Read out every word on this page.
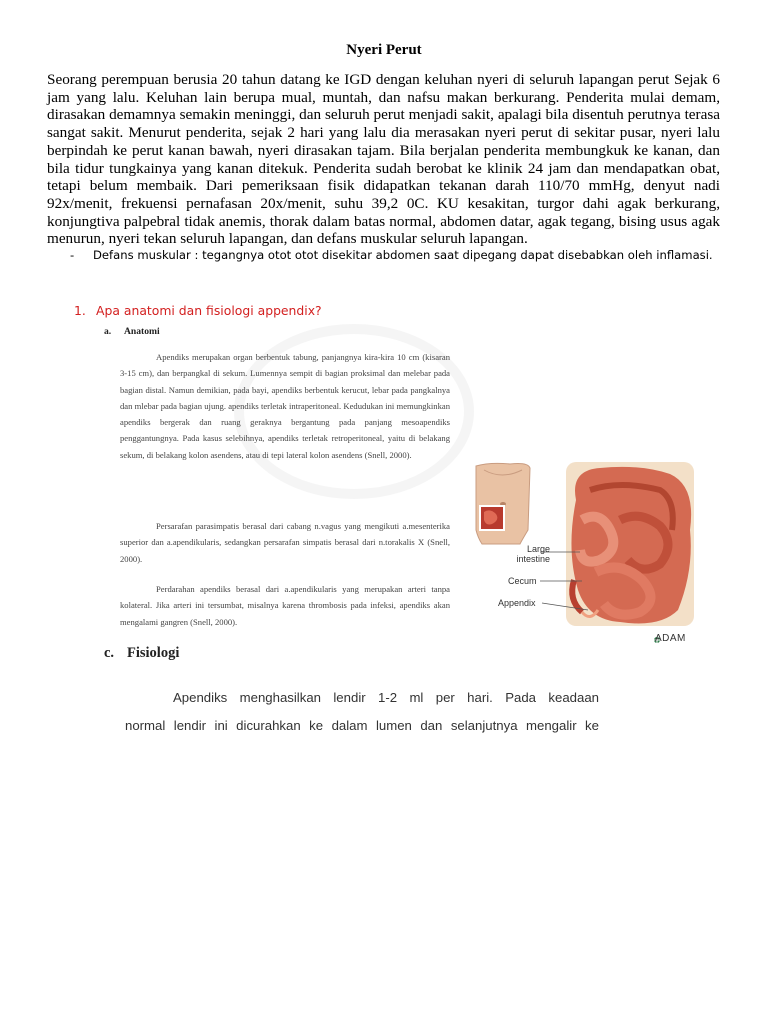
Nyeri Perut
Seorang perempuan berusia 20 tahun datang ke IGD dengan keluhan nyeri di seluruh lapangan perut Sejak 6 jam yang lalu. Keluhan lain berupa mual, muntah, dan nafsu makan berkurang. Penderita mulai demam, dirasakan demamnya semakin meninggi, dan seluruh perut menjadi sakit, apalagi bila disentuh perutnya terasa sangat sakit. Menurut penderita, sejak 2 hari yang lalu dia merasakan nyeri perut di sekitar pusar, nyeri lalu berpindah ke perut kanan bawah, nyeri dirasakan tajam. Bila berjalan penderita membungkuk ke kanan, dan bila tidur tungkainya yang kanan ditekuk. Penderita sudah berobat ke klinik 24 jam dan mendapatkan obat, tetapi belum membaik. Dari pemeriksaan fisik didapatkan tekanan darah 110/70 mmHg, denyut nadi 92x/menit, frekuensi pernafasan 20x/menit, suhu 39,2 0C. KU kesakitan, turgor dahi agak berkurang, konjungtiva palpebral tidak anemis, thorak dalam batas normal, abdomen datar, agak tegang, bising usus agak menurun, nyeri tekan seluruh lapangan, dan defans muskular seluruh lapangan.
- Defans muskular : tegangnya otot otot disekitar abdomen saat dipegang dapat disebabkan oleh inflamasi.
1. Apa anatomi dan fisiologi appendix?
a. Anatomi
Apendiks merupakan organ berbentuk tabung, panjangnya kira-kira 10 cm (kisaran 3-15 cm), dan berpangkal di sekum. Lumennya sempit di bagian proksimal dan melebar pada bagian distal. Namun demikian, pada bayi, apendiks berbentuk kerucut, lebar pada pangkalnya dan mlebar pada bagian ujung. apendiks terletak intraperitoneal. Kedudukan ini memungkinkan apendiks bergerak dan ruang geraknya bergantung pada panjang mesoapendiks penggantungnya. Pada kasus selebihnya, apendiks terletak retroperitoneal, yaitu di belakang sekum, di belakang kolon asendens, atau di tepi lateral kolon asendens (Snell, 2000).
Persarafan parasimpatis berasal dari cabang n.vagus yang mengikuti a.mesenterika superior dan a.apendikularis, sedangkan persarafan simpatis berasal dari n.torakalis X (Snell, 2000).
Perdarahan apendiks berasal dari a.apendikularis yang merupakan arteri tanpa kolateral. Jika arteri ini tersumbat, misalnya karena thrombosis pada infeksi, apendiks akan mengalami gangren (Snell, 2000).
Large intestine
Cecum
Appendix
ADAM
c. Fisiologi
Apendiks menghasilkan lendir 1-2 ml per hari. Pada keadaan
normal lendir ini dicurahkan ke dalam lumen dan selanjutnya mengalir ke
